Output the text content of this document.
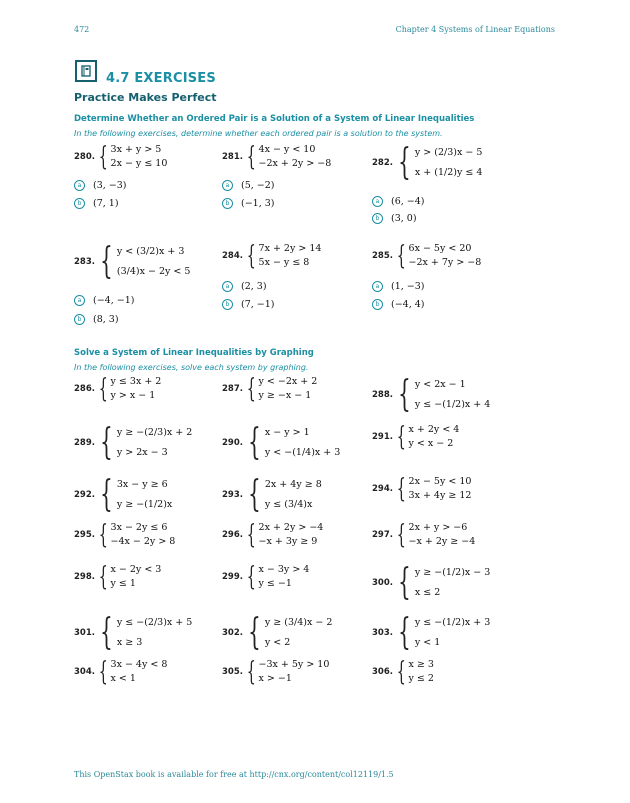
472	Chapter 4 Systems of Linear Equations
4.7 EXERCISES
Practice Makes Perfect
Determine Whether an Ordered Pair is a Solution of a System of Linear Inequalities
In the following exercises, determine whether each ordered pair is a solution to the system.
Solve a System of Linear Inequalities by Graphing
In the following exercises, solve each system by graphing.
280. { 3x + y > 5
2x − y ≤ 10
a	(3, −3)
b	(7, 1)
281. { 4x − y < 10
−2x + 2y > −8
a	(5, −2)
b	(−1, 3)
282. { y > (2/3)x − 5
x + (1/2)y ≤ 4
a	(6, −4)
b	(3, 0)
283. { y < (3/2)x + 3
(3/4)x − 2y < 5
a	(−4, −1)
b	(8, 3)
284. { 7x + 2y > 14
5x − y ≤ 8
a	(2, 3)
b	(7, −1)
285. { 6x − 5y < 20
−2x + 7y > −8
a	(1, −3)
b	(−4, 4)
286. { y ≤ 3x + 2
y > x − 1
287. { y < −2x + 2
y ≥ −x − 1	288. { y < 2x − 1
y ≤ −(1/2)x + 4
289. { y ≥ −(2/3)x + 2
y > 2x − 3
290. { x − y > 1
y < −(1/4)x + 3
291. { x + 2y < 4
y < x − 2
292. { 3x − y ≥ 6
y ≥ −(1/2)x
293. { 2x + 4y ≥ 8
y ≤ (3/4)x
294. { 2x − 5y < 10
3x + 4y ≥ 12
295. { 3x − 2y ≤ 6
−4x − 2y > 8
296. { 2x + 2y > −4
−x + 3y ≥ 9
297. { 2x + y > −6
−x + 2y ≥ −4
298. { x − 2y < 3
y ≤ 1
299. { x − 3y > 4
y ≤ −1	300. { y ≥ −(1/2)x − 3
x ≤ 2
301. { y ≤ −(2/3)x + 5
x ≥ 3
302. { y ≥ (3/4)x − 2
y < 2
303. { y ≤ −(1/2)x + 3
y < 1
304. { 3x − 4y < 8
x < 1
305. { −3x + 5y > 10
x > −1
306. { x ≥ 3
y ≤ 2
This OpenStax book is available for free at http://cnx.org/content/col12119/1.5
